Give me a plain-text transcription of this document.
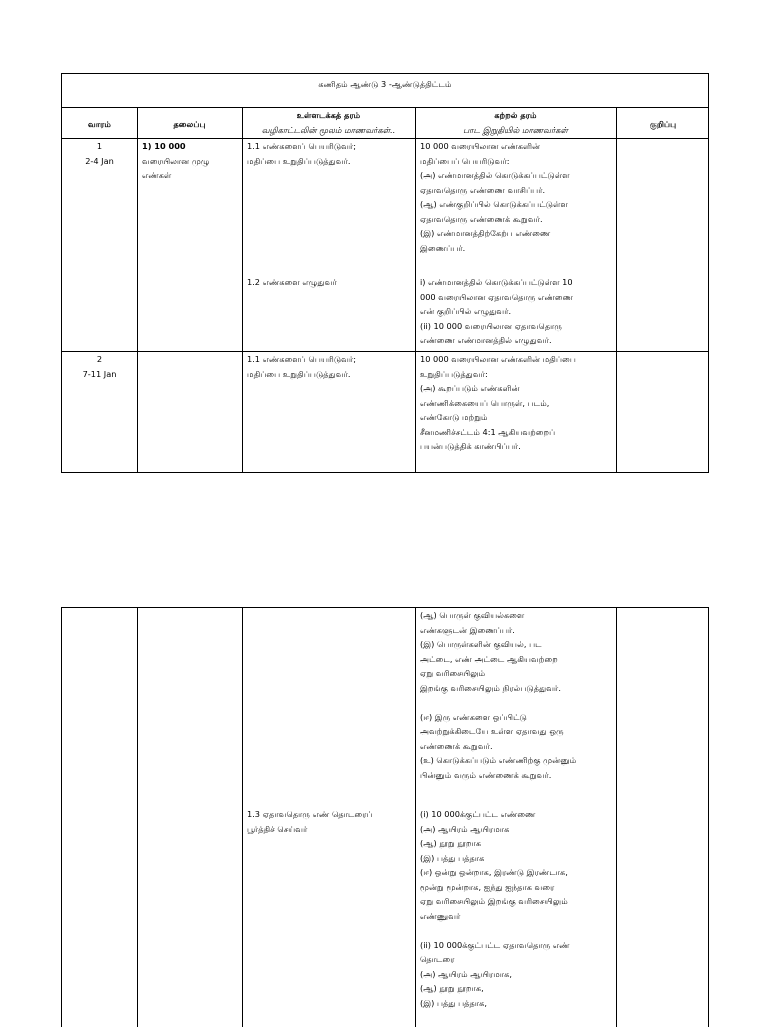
கணிதம் ஆண்டு 3 -ஆண்டுத்திட்டம்
வாரம்	தலைப்பு
உள்ளடக்கத் தரம்
வழிகாட்டலின் மூலம் மாணவர்கள்..
கற்றல் தரம்
பாட இறுதியில் மாணவர்கள்
குறிப்பு
1
2-4 Jan
1) 10 000
வரையிலான முழு
எண்கள்
1.1 எண்களைப் பெயரிடுவர்;
மதிப்பை உறுதிப்படுத்துவர்.
10 000 வரையிலான எண்களின்
மதிப்பைப் பெயரிடுவர்:
(அ) எண்மானத்தில் கொடுக்கப்பட்டுள்ள
ஏதாவதொரு எண்ணை வாசிப்பர்.
(ஆ) எண்குறிப்பில் கொடுக்கப்பட்டுள்ள
ஏதாவதொரு எண்ணைக் கூறுவர்.
(இ) எண்மானத்திற்கேற்ப எண்ணை
இணைப்பர்.
1.2 எண்களை எழுதுவர்	i) எண்மானத்தில் கொடுக்கப்பட்டுள்ள 10
000 வரையிலான ஏதாவதொரு எண்ணை
என் குறிப்பில் எழுதுவர்.
(ii) 10 000 வரையிலான ஏதாவதொரு
எண்ணை எண்மானத்தில் எழுதுவர்.
2
7-11 Jan
1.1 எண்களைப் பெயரிடுவர்;
மதிப்பை உறுதிப்படுத்துவர்.
10 000 வரையிலான எண்களின் மதிப்பை
உறுதிப்படுத்துவர்:
(அ) கூறப்படும் எண்களின்
எண்ணிக்கையைப் பொருள், படம்,
எண்கோடு மற்றும்
சீனமணிச்சட்டம் 4:1 ஆகியவற்றைப்
பயன்படுத்திக் காண்பிப்பர்.
(ஆ) பொருள் குவியல்களை
எண்களுடன் இணைப்பர்.
(இ) பொருள்களின் குவியல், பட
அட்டை, எண் அட்டை ஆகியவற்றை
ஏறு வரிசையிலும்
இறங்கு வரிசையிலும் நிரல்படுத்துவர்.

(ஈ) இரு எண்களை ஒப்பிட்டு
அவற்றுக்கிடையே உள்ள ஏதாவது ஒரு
எண்ணைக் கூறுவர்.
(உ) கொடுக்கப்படும் எண்ணிற்கு முன்னும்
பின்னும் வரும் எண்ணைக் கூறுவர்.
1.3 ஏதாவதொரு எண் தொடரைப்
பூர்த்திச் செய்வர்
(i) 10 000க்குட்பட்ட எண்ணை
(அ) ஆயிரம் ஆயிரமாக
(ஆ) நூறு நூறாக
(இ) பத்து பத்தாக
(ஈ) ஒன்று ஒன்றாக, இரண்டு இரண்டாக,
மூன்று மூன்றாக, ஐந்து ஐந்தாக வரை
ஏறு வரிசையிலும் இறங்கு வரிசையிலும்
எண்ணுவர்

(ii) 10 000க்குட்பட்ட ஏதாவதொரு எண்
தொடரை
(அ) ஆயிரம் ஆயிரமாக,
(ஆ) நூறு நூறாக,
(இ) பத்து பத்தாக,
